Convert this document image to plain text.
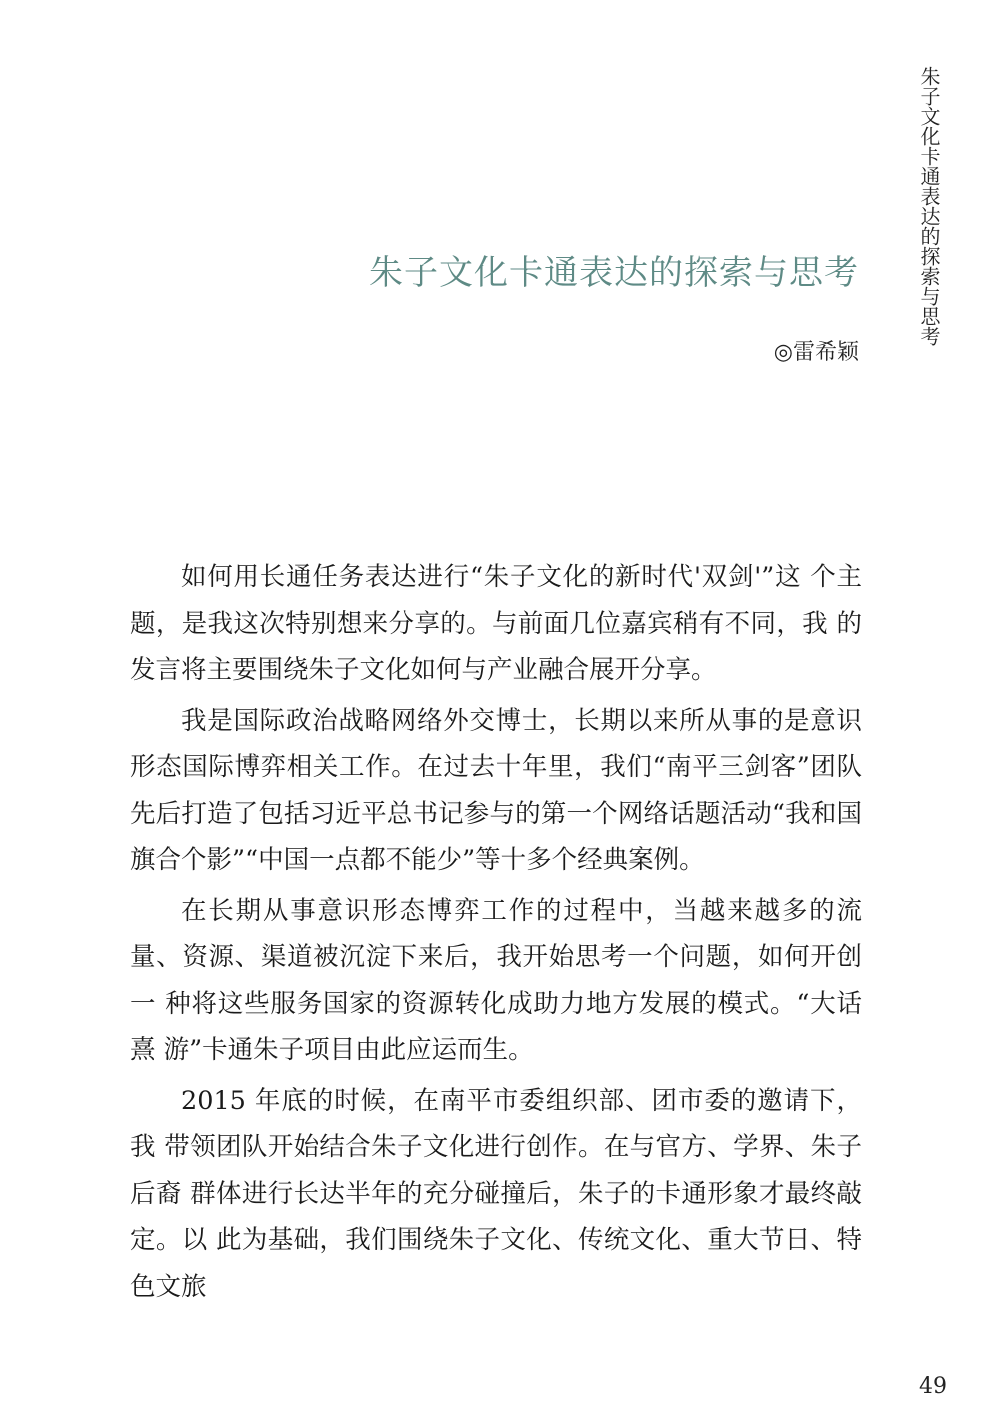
朱子文化卡通表达的探索与思考
朱子文化卡通表达的探索与思考
◎雷希颖

如何用长通任务表达进行“朱子文化的新时代'双剑'”这 个主题，是我这次特别想来分享的。与前面几位嘉宾稍有不同，我 的发言将主要围绕朱子文化如何与产业融合展开分享。

我是国际政治战略网络外交博士，长期以来所从事的是意识 形态国际博弈相关工作。在过去十年里，我们“南平三剑客”团队 先后打造了包括习近平总书记参与的第一个网络话题活动“我和国 旗合个影”“中国一点都不能少”等十多个经典案例。

在长期从事意识形态博弈工作的过程中，当越来越多的流 量、资源、渠道被沉淀下来后，我开始思考一个问题，如何开创一 种将这些服务国家的资源转化成助力地方发展的模式。“大话熹 游”卡通朱子项目由此应运而生。

2015 年底的时候，在南平市委组织部、团市委的邀请下，我 带领团队开始结合朱子文化进行创作。在与官方、学界、朱子后裔 群体进行长达半年的充分碰撞后，朱子的卡通形象才最终敲定。以 此为基础，我们围绕朱子文化、传统文化、重大节日、特色文旅

49
